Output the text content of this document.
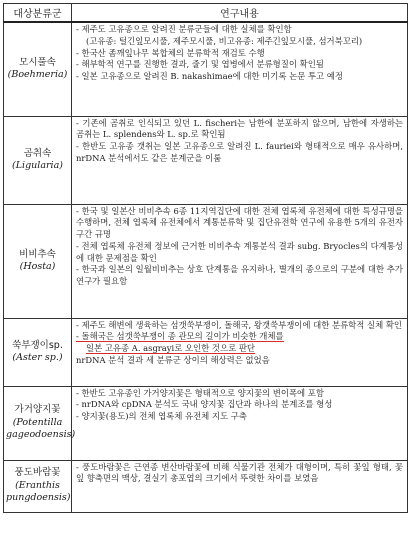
대상분류군	연구내용

모시풀속
(Boehmeria)	- 제주도 고유종으로 알려진 분류군들에 대한 실체를 확인함
(고유종: 털긴잎모시풀, 제주모시풀, 비고유종: 제주긴잎모시풀, 섬거북꼬리)
- 한국산 좀깨잎나무 복합체의 분류학적 재검토 수행
- 해부학적 연구를 진행한 결과, 줄기 및 엽병에서 분류형질이 확인됨
- 일본 고유종으로 알려진 B. nakashimae에 대한 미기록 논문 투고 예정

곰취속
(Ligularia)	- 기존에 곰취로 인식되고 있던 L. fischeri는 남한에 분포하지 않으며, 남한에 자생하는 곰취는 L. splendens와 L. sp.로 확인됨
- 한반도 고유종 갯취는 일본 고유종으로 알려진 L. fauriei와 형태적으로 매우 유사하며, nrDNA 분석에서도 같은 분계군을 이룸

비비추속
(Hosta)	- 한국 및 일본산 비비추속 6종 11지역집단에 대한 전체 엽록체 유전체에 대한 특성규명을 수행하며, 전체 엽록체 유전체에서 계통분류학 및 집단유전학 연구에 유용한 5개의 유전자구간 규명
- 전체 엽록체 유전체 정보에 근거한 비비추속 계통분석 결과 subg. Bryocles의 다계통성에 대한 문제점을 확인
- 한국과 일본의 일월비비추는 상호 단계통을 유지하나, 별개의 종으로의 구분에 대한 추가 연구가 필요함

쑥부쟁이sp.
(Aster sp.)	- 제주도 해변에 생육하는 섬갯쑥부쟁이, 돌해국, 왕갯쑥부쟁이에 대한 분류학적 실체 확인
- 돌해국은 섬갯쑥부쟁이 종 관모의 길이가 비슷한 개체를
일본 고유종 A. asgrayi로 오인한 것으로 판단
nrDNA 분석 결과 세 분류군 상이의 해상력은 없었음

가거양지꽃
(Potentilla gageodoensis)	- 한반도 고유종인 가거양지꽃은 형태적으로 양지꽃의 변이폭에 포함
- nrDNA와 cpDNA 분석도 국내 양지꽃 집단과 하나의 분계조를 형성
- 양지꽃(용도)의 전체 엽록체 유전체 지도 구축

풍도바람꽃
(Eranthis pungdoensis)	- 풍도바람꽃은 근연종 변산바람꽃에 비해 식물기관 전체가 대형이며, 특히 꽃잎 형태, 꽃잎 향축면의 맥상, 결실기 총포엽의 크기에서 뚜렷한 차이를 보였음
